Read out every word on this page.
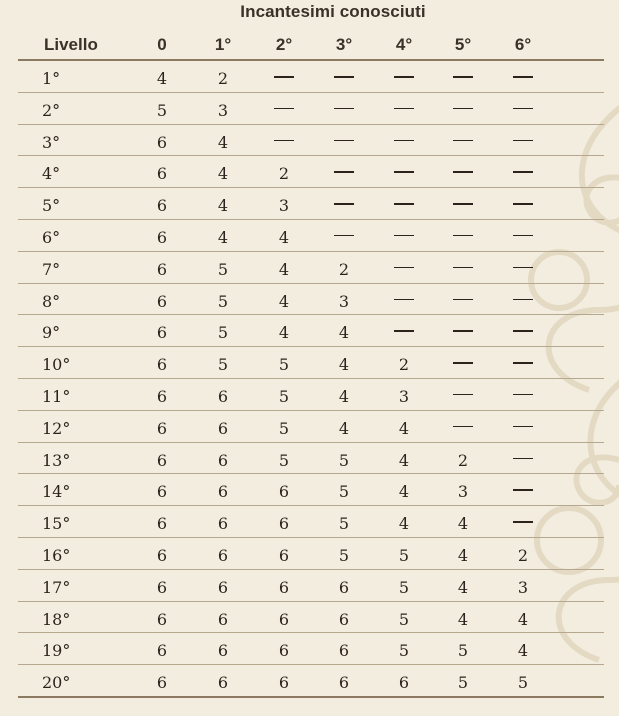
Incantesimi conosciuti
Livello	0	1°	2°	3°	4°	5°	6°
1°	4	2
2°	5	3
3°	6	4
4°	6	4	2
5°	6	4	3
6°	6	4	4
7°	6	5	4	2
8°	6	5	4	3
9°	6	5	4	4
10°	6	5	5	4	2
11°	6	6	5	4	3
12°	6	6	5	4	4
13°	6	6	5	5	4	2
14°	6	6	6	5	4	3
15°	6	6	6	5	4	4
16°	6	6	6	5	5	4	2
17°	6	6	6	6	5	4	3
18°	6	6	6	6	5	4	4
19°	6	6	6	6	5	5	4
20°	6	6	6	6	6	5	5
